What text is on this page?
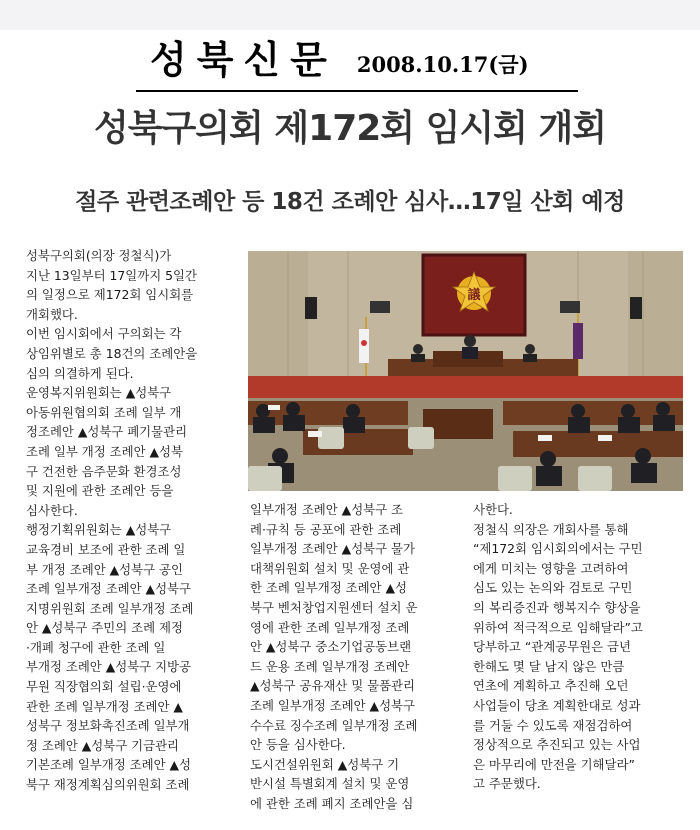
성북신문 2008.10.17(금)
성북구의회 제172회 임시회 개회
절주 관련조례안 등 18건 조례안 심사…17일 산회 예정

성북구의회(의장 정철식)가

지난 13일부터 17일까지 5일간

의 일정으로 제172회 임시회를

개회했다.

이번 임시회에서 구의회는 각

상임위별로 총 18건의 조례안을

심의 의결하게 된다.

운영복지위원회는 ▲성북구

아동위원협의회 조례 일부 개

정조례안 ▲성북구 폐기물관리

조례 일부 개정 조례안 ▲성북

구 건전한 음주문화 환경조성

및 지원에 관한 조례안 등을

심사한다.

행정기획위원회는 ▲성북구

교육경비 보조에 관한 조례 일

부 개정 조례안 ▲성북구 공인

조례 일부개정 조례안 ▲성북구

지명위원회 조례 일부개정 조례

안 ▲성북구 주민의 조례 제정

·개폐 청구에 관한 조례 일

부개정 조례안 ▲성북구 지방공

무원 직장협의회 설립·운영에

관한 조례 일부개정 조례안 ▲

성북구 정보화촉진조례 일부개

정 조례안 ▲성북구 기금관리

기본조례 일부개정 조례안 ▲성

북구 재정계획심의위원회 조례

일부개정 조례안 ▲성북구 조

례·규칙 등 공포에 관한 조례

일부개정 조례안 ▲성북구 물가

대책위원회 설치 및 운영에 관

한 조례 일부개정 조례안 ▲성

북구 벤처창업지원센터 설치 운

영에 관한 조례 일부개정 조례

안 ▲성북구 중소기업공동브랜

드 운용 조례 일부개정 조례안

▲성북구 공유재산 및 물품관리

조례 일부개정 조례안 ▲성북구

수수료 징수조례 일부개정 조례

안 등을 심사한다.

도시건설위원회 ▲성북구 기

반시설 특별회계 설치 및 운영

에 관한 조례 폐지 조례안을 심

사한다.

정철식 의장은 개회사를 통해

“제172회 임시회의에서는 구민

에게 미치는 영향을 고려하여

심도 있는 논의와 검토로 구민

의 복리증진과 행복지수 향상을

위하여 적극적으로 임해달라”고

당부하고 “관계공무원은 금년

한해도 몇 달 남지 않은 만큼

연초에 계획하고 추진해 오던

사업들이 당초 계획한대로 성과

를 거둘 수 있도록 재점검하여

정상적으로 추진되고 있는 사업

은 마무리에 만전을 기해달라”

고 주문했다.

議
